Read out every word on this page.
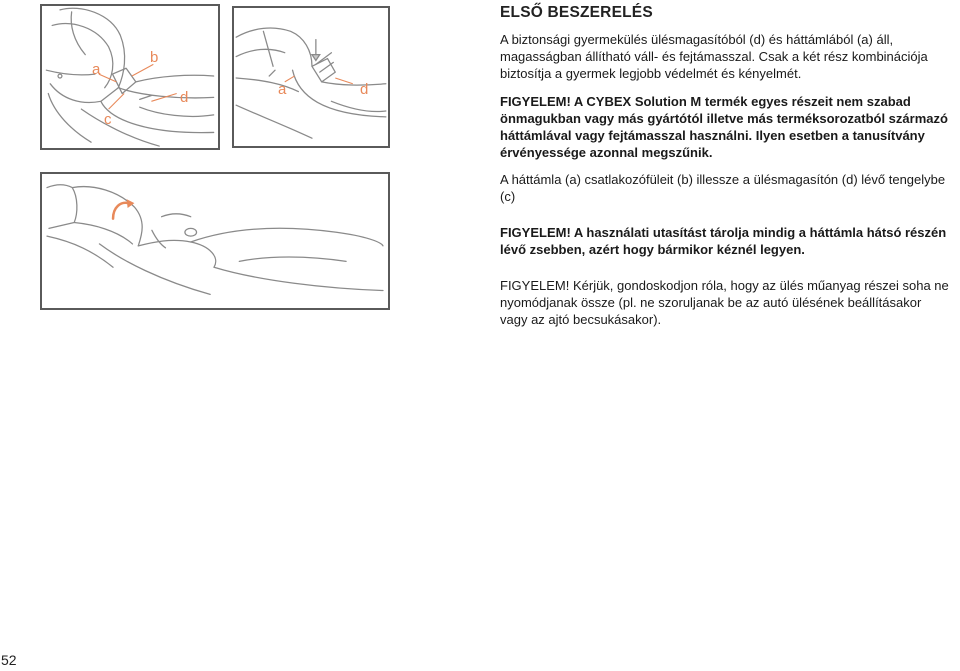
a
b
d
c
a	d
ELSŐ BESZERELÉS

A biztonsági gyermekülés ülésmagasítóból (d) és háttámlából (a) áll, magasságban állítható váll- és fejtámasszal. Csak a két rész kombinációja biztosítja a gyermek legjobb védelmét és kényelmét.

FIGYELEM! A CYBEX Solution M termék egyes részeit nem szabad önmagukban vagy más gyártótól illetve más terméksorozatból származó háttámlával vagy fejtámasszal használni. Ilyen esetben a tanusítvány érvényessége azonnal megszűnik.

A háttámla (a) csatlakozófüleit (b) illessze a ülésmagasítón (d) lévő tengelybe (c)

FIGYELEM! A használati utasítást tárolja mindig a háttámla hátsó részén lévő zsebben, azért hogy bármikor kéznél legyen.

FIGYELEM! Kérjük, gondoskodjon róla, hogy az ülés műanyag részei soha ne nyomódjanak össze (pl. ne szoruljanak be az autó ülésének beállításakor vagy az ajtó becsukásakor).

52
